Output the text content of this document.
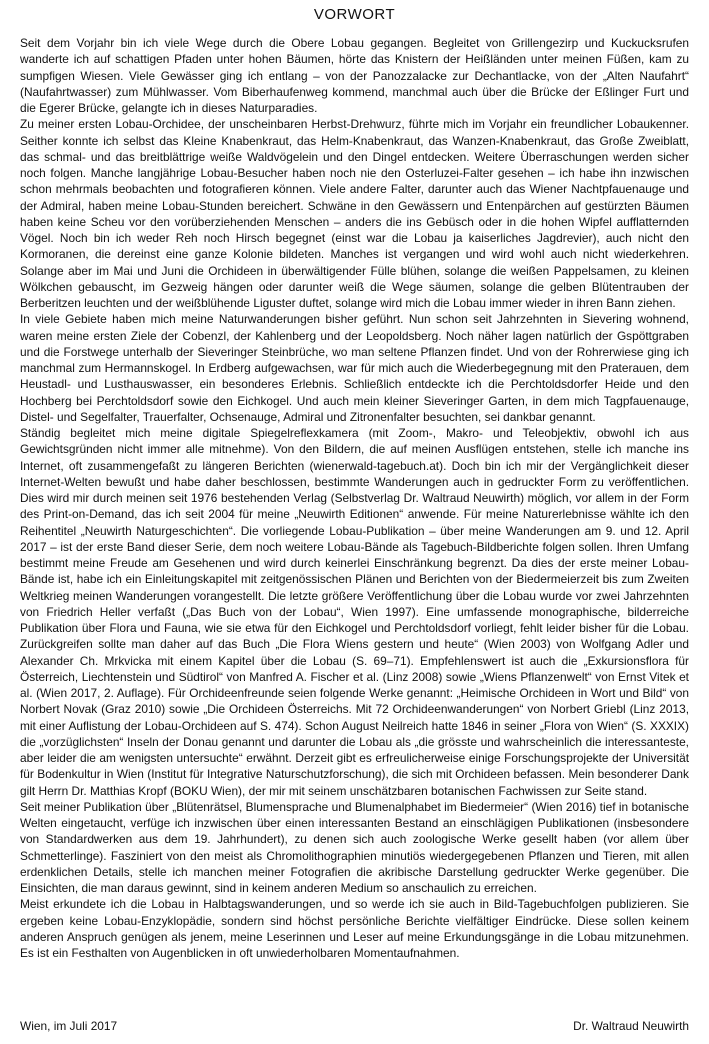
VORWORT

Seit dem Vorjahr bin ich viele Wege durch die Obere Lobau gegangen. Begleitet von Grillengezirp und Kuckucksrufen wanderte ich auf schattigen Pfaden unter hohen Bäumen, hörte das Knistern der Heißländen unter meinen Füßen, kam zu sumpfigen Wiesen. Viele Gewässer ging ich entlang – von der Panozzalacke zur Dechantlacke, von der „Alten Naufahrt“ (Naufahrtwasser) zum Mühlwasser. Vom Biberhaufenweg kommend, manchmal auch über die Brücke der Eßlinger Furt und die Egerer Brücke, gelangte ich in dieses Naturparadies.

Zu meiner ersten Lobau-Orchidee, der unscheinbaren Herbst-Drehwurz, führte mich im Vorjahr ein freundlicher Lobaukenner. Seither konnte ich selbst das Kleine Knabenkraut, das Helm-Knabenkraut, das Wanzen-Knabenkraut, das Große Zweiblatt, das schmal- und das breitblättrige weiße Waldvögelein und den Dingel entdecken. Weitere Überraschungen werden sicher noch folgen. Manche langjährige Lobau-Besucher haben noch nie den Osterluzei-Falter gesehen – ich habe ihn inzwischen schon mehrmals beobachten und fotografieren können. Viele andere Falter, darunter auch das Wiener Nachtpfauenauge und der Admiral, haben meine Lobau-Stunden bereichert. Schwäne in den Gewässern und Entenpärchen auf gestürzten Bäumen haben keine Scheu vor den vorüberziehenden Menschen – anders die ins Gebüsch oder in die hohen Wipfel aufflatternden Vögel. Noch bin ich weder Reh noch Hirsch begegnet (einst war die Lobau ja kaiserliches Jagdrevier), auch nicht den Kormoranen, die dereinst eine ganze Kolonie bildeten. Manches ist vergangen und wird wohl auch nicht wiederkehren. Solange aber im Mai und Juni die Orchideen in überwältigender Fülle blühen, solange die weißen Pappelsamen, zu kleinen Wölkchen gebauscht, im Gezweig hängen oder darunter weiß die Wege säumen, solange die gelben Blütentrauben der Berberitzen leuchten und der weißblühende Liguster duftet, solange wird mich die Lobau immer wieder in ihren Bann ziehen.

In viele Gebiete haben mich meine Naturwanderungen bisher geführt. Nun schon seit Jahrzehnten in Sievering wohnend, waren meine ersten Ziele der Cobenzl, der Kahlenberg und der Leopoldsberg. Noch näher lagen natürlich der Gspöttgraben und die Forstwege unterhalb der Sieveringer Steinbrüche, wo man seltene Pflanzen findet. Und von der Rohrerwiese ging ich manchmal zum Hermannskogel. In Erdberg aufgewachsen, war für mich auch die Wiederbegegnung mit den Praterauen, dem Heustadl- und Lusthauswasser, ein besonderes Erlebnis. Schließlich entdeckte ich die Perchtoldsdorfer Heide und den Hochberg bei Perchtoldsdorf sowie den Eichkogel. Und auch mein kleiner Sieveringer Garten, in dem mich Tagpfauenauge, Distel- und Segelfalter, Trauerfalter, Ochsenauge, Admiral und Zitronenfalter besuchten, sei dankbar genannt.

Ständig begleitet mich meine digitale Spiegelreflexkamera (mit Zoom-, Makro- und Teleobjektiv, obwohl ich aus Gewichtsgründen nicht immer alle mitnehme). Von den Bildern, die auf meinen Ausflügen entstehen, stelle ich manche ins Internet, oft zusammengefaßt zu längeren Berichten (wienerwald-tagebuch.at). Doch bin ich mir der Vergänglichkeit dieser Internet-Welten bewußt und habe daher beschlossen, bestimmte Wanderungen auch in gedruckter Form zu veröffentlichen. Dies wird mir durch meinen seit 1976 bestehenden Verlag (Selbstverlag Dr. Waltraud Neuwirth) möglich, vor allem in der Form des Print-on-Demand, das ich seit 2004 für meine „Neuwirth Editionen“ anwende. Für meine Naturerlebnisse wählte ich den Reihentitel „Neuwirth Naturgeschichten“. Die vorliegende Lobau-Publikation – über meine Wanderungen am 9. und 12. April 2017 – ist der erste Band dieser Serie, dem noch weitere Lobau-Bände als Tagebuch-Bildberichte folgen sollen. Ihren Umfang bestimmt meine Freude am Gesehenen und wird durch keinerlei Einschränkung begrenzt. Da dies der erste meiner Lobau-Bände ist, habe ich ein Einleitungskapitel mit zeitgenössischen Plänen und Berichten von der Biedermeierzeit bis zum Zweiten Weltkrieg meinen Wanderungen vorangestellt. Die letzte größere Veröffentlichung über die Lobau wurde vor zwei Jahrzehnten von Friedrich Heller verfaßt („Das Buch von der Lobau“, Wien 1997). Eine umfassende monographische, bilderreiche Publikation über Flora und Fauna, wie sie etwa für den Eichkogel und Perchtoldsdorf vorliegt, fehlt leider bisher für die Lobau. Zurückgreifen sollte man daher auf das Buch „Die Flora Wiens gestern und heute“ (Wien 2003) von Wolfgang Adler und Alexander Ch. Mrkvicka mit einem Kapitel über die Lobau (S. 69–71). Empfehlenswert ist auch die „Exkursionsflora für Österreich, Liechtenstein und Südtirol“ von Manfred A. Fischer et al. (Linz 2008) sowie „Wiens Pflanzenwelt“ von Ernst Vitek et al. (Wien 2017, 2. Auflage). Für Orchideenfreunde seien folgende Werke genannt: „Heimische Orchideen in Wort und Bild“ von Norbert Novak (Graz 2010) sowie „Die Orchideen Österreichs. Mit 72 Orchideenwanderungen“ von Norbert Griebl (Linz 2013, mit einer Auflistung der Lobau-Orchideen auf S. 474). Schon August Neilreich hatte 1846 in seiner „Flora von Wien“ (S. XXXIX) die „vorzüglichsten“ Inseln der Donau genannt und darunter die Lobau als „die grösste und wahrscheinlich die interessanteste, aber leider die am wenigsten untersuchte“ erwähnt. Derzeit gibt es erfreulicherweise einige Forschungsprojekte der Universität für Bodenkultur in Wien (Institut für Integrative Naturschutzforschung), die sich mit Orchideen befassen. Mein besonderer Dank gilt Herrn Dr. Matthias Kropf (BOKU Wien), der mir mit seinem unschätzbaren botanischen Fachwissen zur Seite stand.

Seit meiner Publikation über „Blütenrätsel, Blumensprache und Blumenalphabet im Biedermeier“ (Wien 2016) tief in botanische Welten eingetaucht, verfüge ich inzwischen über einen interessanten Bestand an einschlägigen Publikationen (insbesondere von Standardwerken aus dem 19. Jahrhundert), zu denen sich auch zoologische Werke gesellt haben (vor allem über Schmetterlinge). Fasziniert von den meist als Chromolithographien minutiös wiedergegebenen Pflanzen und Tieren, mit allen erdenklichen Details, stelle ich manchen meiner Fotografien die akribische Darstellung gedruckter Werke gegenüber. Die Einsichten, die man daraus gewinnt, sind in keinem anderen Medium so anschaulich zu erreichen.

Meist erkundete ich die Lobau in Halbtagswanderungen, und so werde ich sie auch in Bild-Tagebuchfolgen publizieren. Sie ergeben keine Lobau-Enzyklopädie, sondern sind höchst persönliche Berichte vielfältiger Eindrücke. Diese sollen keinem anderen Anspruch genügen als jenem, meine Leserinnen und Leser auf meine Erkundungsgänge in die Lobau mitzunehmen. Es ist ein Festhalten von Augenblicken in oft unwiederholbaren Momentaufnahmen.

Wien, im Juli 2017	Dr. Waltraud Neuwirth
